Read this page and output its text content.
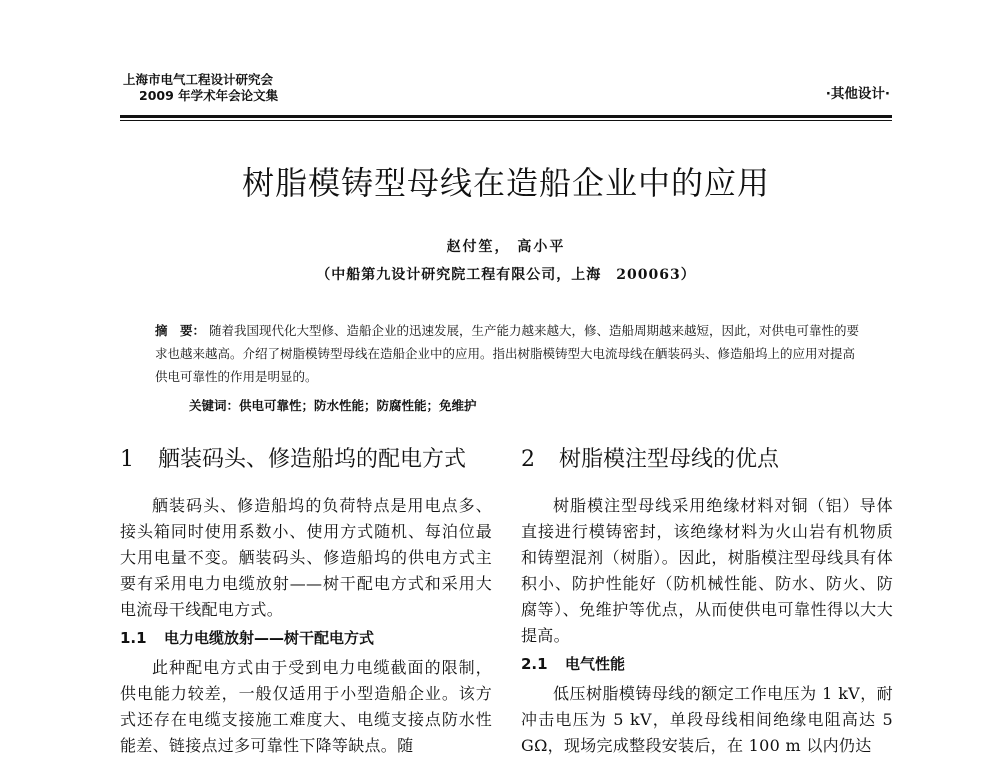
上海市电气工程设计研究会
2009 年学术年会论文集	·其他设计·
树脂模铸型母线在造船企业中的应用
赵付笙， 高小平
（中船第九设计研究院工程有限公司，上海　200063）
摘　要： 随着我国现代化大型修、造船企业的迅速发展，生产能力越来越大，修、造船周期越来越短，因此，对供电可靠性的要求也越来越高。介绍了树脂模铸型母线在造船企业中的应用。指出树脂模铸型大电流母线在舾装码头、修造船坞上的应用对提高供电可靠性的作用是明显的。
关键词：供电可靠性；防水性能；防腐性能；免维护
1	舾装码头、修造船坞的配电方式

舾装码头、修造船坞的负荷特点是用电点多、接头箱同时使用系数小、使用方式随机、每泊位最大用电量不变。舾装码头、修造船坞的供电方式主要有采用电力电缆放射——树干配电方式和采用大电流母干线配电方式。

1.1	电力电缆放射——树干配电方式

此种配电方式由于受到电力电缆截面的限制，供电能力较差，一般仅适用于小型造船企业。该方式还存在电缆支接施工难度大、电缆支接点防水性能差、链接点过多可靠性下降等缺点。随

2	树脂模注型母线的优点

树脂模注型母线采用绝缘材料对铜（铝）导体直接进行模铸密封，该绝缘材料为火山岩有机物质和铸塑混剂（树脂）。因此，树脂模注型母线具有体积小、防护性能好（防机械性能、防水、防火、防腐等）、免维护等优点，从而使供电可靠性得以大大提高。

2.1	电气性能

低压树脂模铸母线的额定工作电压为 1 kV，耐冲击电压为 5 kV，单段母线相间绝缘电阻高达 5 GΩ，现场完成整段安装后，在 100 m 以内仍达
